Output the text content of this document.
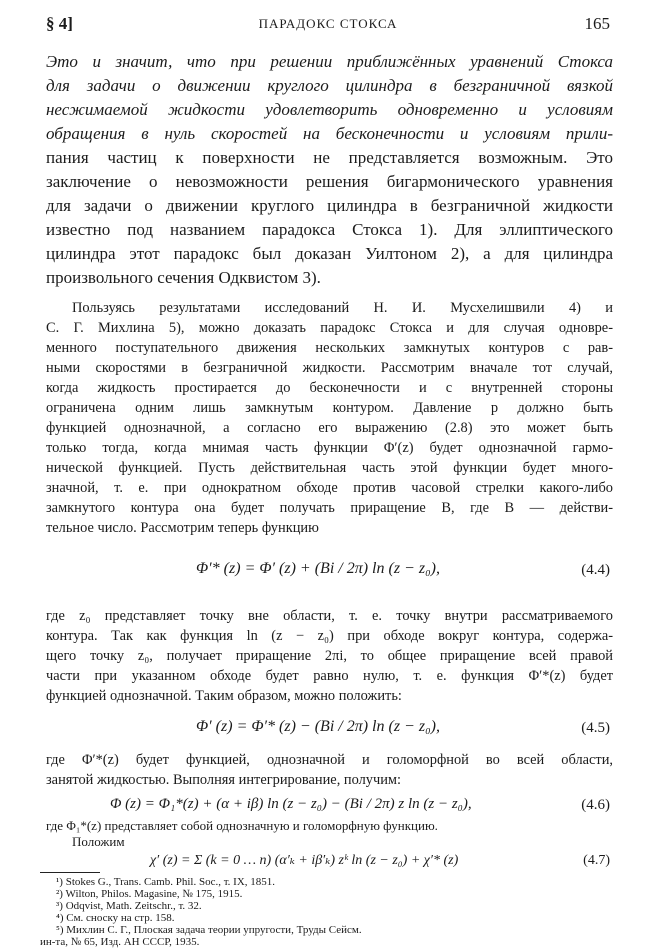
§ 4]	ПАРАДОКС СТОКСА	165
Это и значит, что при решении приближённых уравнений Стокса
для задачи о движении круглого цилиндра в безграничной вязкой
несжимаемой жидкости удовлетворить одновременно и условиям
обращения в нуль скоростей на бесконечности и условиям прили-
пания частиц к поверхности не представляется возможным. Это
заключение о невозможности решения бигармонического уравнения
для задачи о движении круглого цилиндра в безграничной жидкости
известно под названием парадокса Стокса 1). Для эллиптического
цилиндра этот парадокс был доказан Уилтоном 2), а для цилиндра
произвольного сечения Одквистом 3).
Пользуясь результатами исследований Н. И. Мусхелишвили 4) и
С. Г. Михлина 5), можно доказать парадокс Стокса и для случая одновре-
менного поступательного движения нескольких замкнутых контуров с рав-
ными скоростями в безграничной жидкости. Рассмотрим вначале тот случай,
когда жидкость простирается до бесконечности и с внутренней стороны
ограничена одним лишь замкнутым контуром. Давление p должно быть
функцией однозначной, а согласно его выражению (2.8) это может быть
только тогда, когда мнимая часть функции Φ′(z) будет однозначной гармо-
нической функцией. Пусть действительная часть этой функции будет много-
значной, т. е. при однократном обходе против часовой стрелки какого-либо
замкнутого контура она будет получать приращение B, где B — действи-
тельное число. Рассмотрим теперь функцию
Φ′* (z) = Φ′ (z) + (Bi / 2π) ln (z − z₀),	(4.4)
где z₀ представляет точку вне области, т. е. точку внутри рассматриваемого
контура. Так как функция ln (z − z₀) при обходе вокруг контура, содержа-
щего точку z₀, получает приращение 2πi, то общее приращение всей правой
части при указанном обходе будет равно нулю, т. е. функция Φ′*(z) будет
функцией однозначной. Таким образом, можно положить:
Φ′ (z) = Φ′* (z) − (Bi / 2π) ln (z − z₀),	(4.5)
где Φ′*(z) будет функцией, однозначной и голоморфной во всей области,
занятой жидкостью. Выполняя интегрирование, получим:
Φ (z) = Φ₁*(z) + (α + iβ) ln (z − z₀) − (Bi / 2π) z ln (z − z₀),	(4.6)
где Φ₁*(z) представляет собой однозначную и голоморфную функцию.
Положим
χ′ (z) = Σ (k = 0 … n) (α′ₖ + iβ′ₖ) zᵏ ln (z − z₀) + χ′* (z)	(4.7)
¹) Stokes G., Trans. Camb. Phil. Soc., т. IX, 1851.
²) Wilton, Philos. Magasine, № 175, 1915.
³) Odqvist, Math. Zeitschr., т. 32.
⁴) См. сноску на стр. 158.
⁵) Михлин С. Г., Плоская задача теории упругости, Труды Сейсм.
ин-та, № 65, Изд. АН СССР, 1935.
